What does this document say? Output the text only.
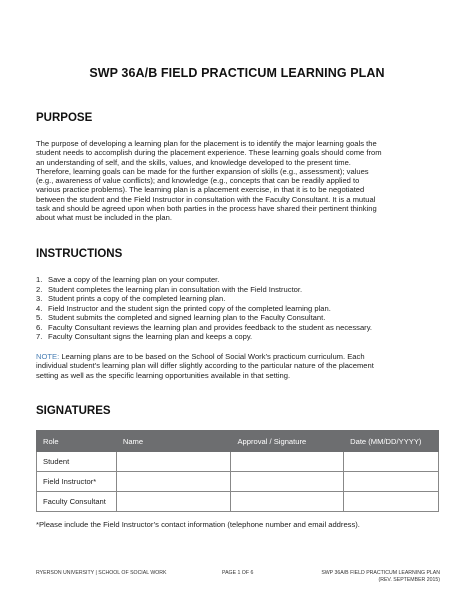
SWP 36A/B FIELD PRACTICUM LEARNING PLAN
PURPOSE
The purpose of developing a learning plan for the placement is to identify the major learning goals the
student needs to accomplish during the placement experience. These learning goals should come from
an understanding of self, and the skills, values, and knowledge developed to the present time.
Therefore, learning goals can be made for the further expansion of skills (e.g., assessment); values
(e.g., awareness of value conflicts); and knowledge (e.g., concepts that can be readily applied to
various practice problems). The learning plan is a placement exercise, in that it is to be negotiated
between the student and the Field Instructor in consultation with the Faculty Consultant. It is a mutual
task and should be agreed upon when both parties in the process have shared their pertinent thinking
about what must be included in the plan.
INSTRUCTIONS
1. Save a copy of the learning plan on your computer.
2. Student completes the learning plan in consultation with the Field Instructor.
3. Student prints a copy of the completed learning plan.
4. Field Instructor and the student sign the printed copy of the completed learning plan.
5. Student submits the completed and signed learning plan to the Faculty Consultant.
6. Faculty Consultant reviews the learning plan and provides feedback to the student as necessary.
7. Faculty Consultant signs the learning plan and keeps a copy.
NOTE: Learning plans are to be based on the School of Social Work’s practicum curriculum. Each
individual student’s learning plan will differ slightly according to the particular nature of the placement
setting as well as the specific learning opportunities available in that setting.
SIGNATURES
Role	Name	Approval / Signature	Date (MM/DD/YYYY)
Student			
Field Instructor*			
Faculty Consultant			
*Please include the Field Instructor’s contact information (telephone number and email address).
RYERSON UNIVERSITY | SCHOOL OF SOCIAL WORK	PAGE 1 OF 6	SWP 36A/B FIELD PRACTICUM LEARNING PLAN
(REV. SEPTEMBER 2015)
